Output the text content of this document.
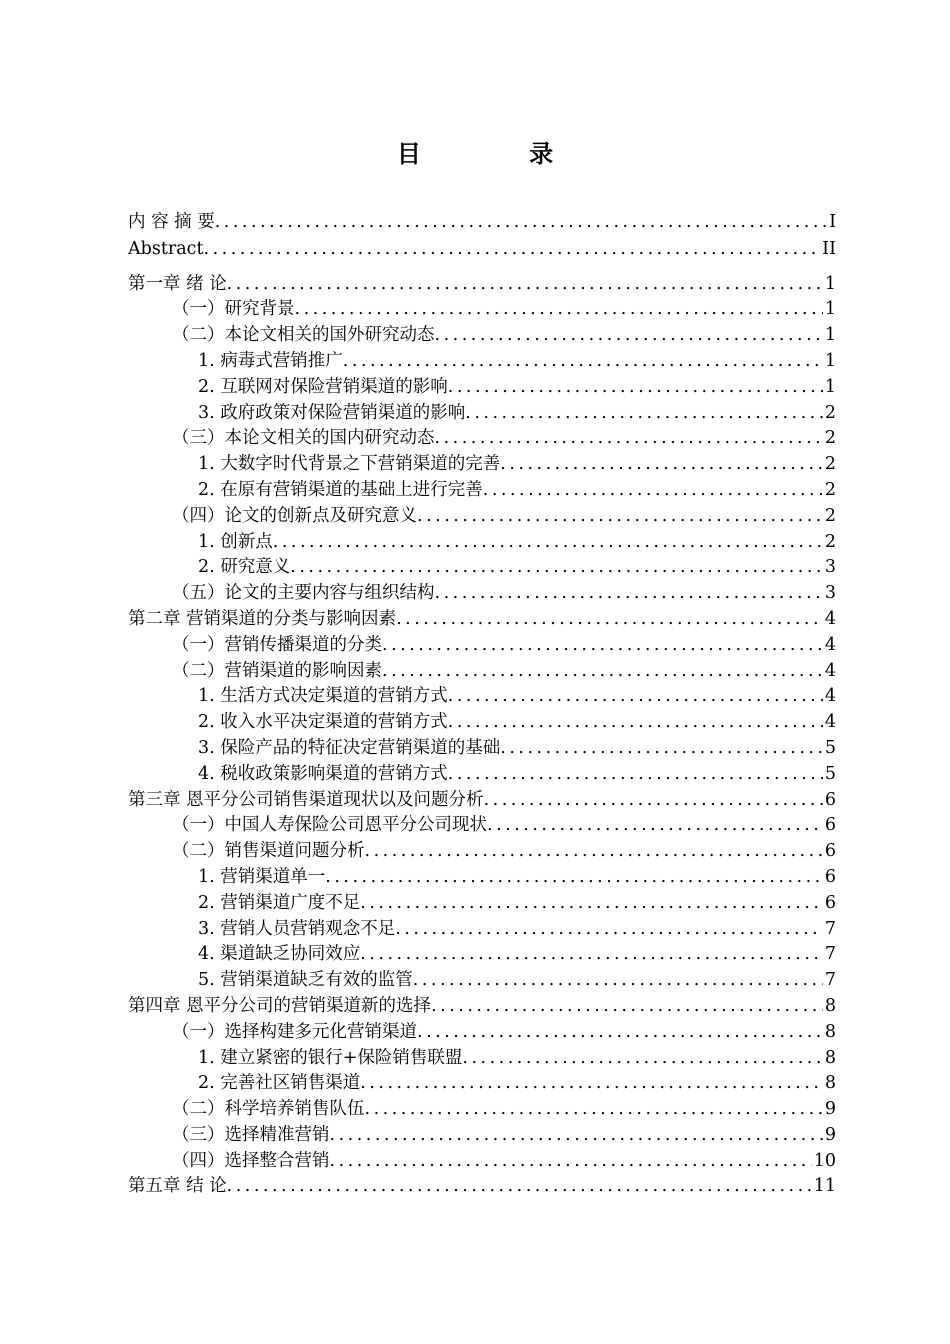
目 录
内 容 摘 要 .....	I
Abstract .....	II
第一章 绪 论 .....	1
（一）研究背景 .....	1
（二）本论文相关的国外研究动态 .....	1
1. 病毒式营销推广 .....	1
2. 互联网对保险营销渠道的影响 .....	1
3. 政府政策对保险营销渠道的影响 .....	2
（三）本论文相关的国内研究动态 .....	2
1. 大数字时代背景之下营销渠道的完善 .....	2
2. 在原有营销渠道的基础上进行完善 .....	2
（四）论文的创新点及研究意义 .....	2
1. 创新点 .....	2
2. 研究意义 .....	3
（五）论文的主要内容与组织结构 .....	3
第二章 营销渠道的分类与影响因素 .....	4
（一）营销传播渠道的分类 .....	4
（二）营销渠道的影响因素 .....	4
1. 生活方式决定渠道的营销方式 .....	4
2. 收入水平决定渠道的营销方式 .....	4
3. 保险产品的特征决定营销渠道的基础 .....	5
4. 税收政策影响渠道的营销方式 .....	5
第三章 恩平分公司销售渠道现状以及问题分析 .....	6
（一）中国人寿保险公司恩平分公司现状 .....	6
（二）销售渠道问题分析 .....	6
1. 营销渠道单一 .....	6
2. 营销渠道广度不足 .....	6
3. 营销人员营销观念不足 .....	7
4. 渠道缺乏协同效应 .....	7
5. 营销渠道缺乏有效的监管 .....	7
第四章 恩平分公司的营销渠道新的选择 .....	8
（一）选择构建多元化营销渠道 .....	8
1. 建立紧密的银行+保险销售联盟 .....	8
2. 完善社区销售渠道 .....	8
（二）科学培养销售队伍 .....	9
（三）选择精准营销 .....	9
（四）选择整合营销 .....	10
第五章 结 论 .....	11
